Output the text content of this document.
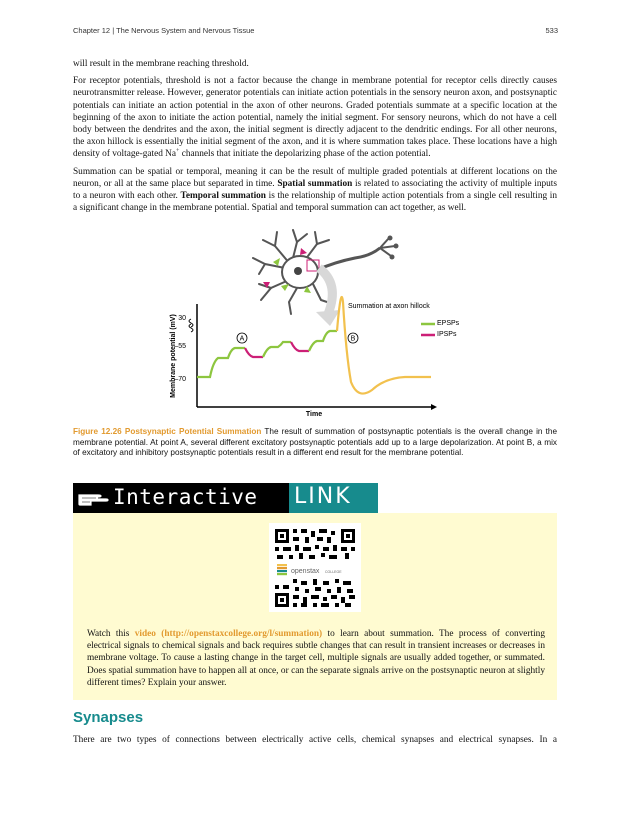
Chapter 12 | The Nervous System and Nervous Tissue	533

will result in the membrane reaching threshold.

For receptor potentials, threshold is not a factor because the change in membrane potential for receptor cells directly causes neurotransmitter release. However, generator potentials can initiate action potentials in the sensory neuron axon, and postsynaptic potentials can initiate an action potential in the axon of other neurons. Graded potentials summate at a specific location at the beginning of the axon to initiate the action potential, namely the initial segment. For sensory neurons, which do not have a cell body between the dendrites and the axon, the initial segment is directly adjacent to the dendritic endings. For all other neurons, the axon hillock is essentially the initial segment of the axon, and it is where summation takes place. These locations have a high density of voltage-gated Na+ channels that initiate the depolarizing phase of the action potential.

Summation can be spatial or temporal, meaning it can be the result of multiple graded potentials at different locations on the neuron, or all at the same place but separated in time. Spatial summation is related to associating the activity of multiple inputs to a neuron with each other. Temporal summation is the relationship of multiple action potentials from a single cell resulting in a significant change in the membrane potential. Spatial and temporal summation can act together, as well.

30
–55
–70
Membrane potential (mV)
Time
Summation at axon hillock
A	B
EPSPs
IPSPs
Figure 12.26 Postsynaptic Potential Summation The result of summation of postsynaptic potentials is the overall change in the membrane potential. At point A, several different excitatory postsynaptic potentials add up to a large depolarization. At point B, a mix of excitatory and inhibitory postsynaptic potentials result in a different end result for the membrane potential.
Interactive LINK
openstax COLLEGE
Watch this video (http://openstaxcollege.org/l/summation) to learn about summation. The process of converting electrical signals to chemical signals and back requires subtle changes that can result in transient increases or decreases in membrane voltage. To cause a lasting change in the target cell, multiple signals are usually added together, or summated. Does spatial summation have to happen all at once, or can the separate signals arrive on the postsynaptic neuron at slightly different times? Explain your answer.
Synapses
There are two types of connections between electrically active cells, chemical synapses and electrical synapses. In a
